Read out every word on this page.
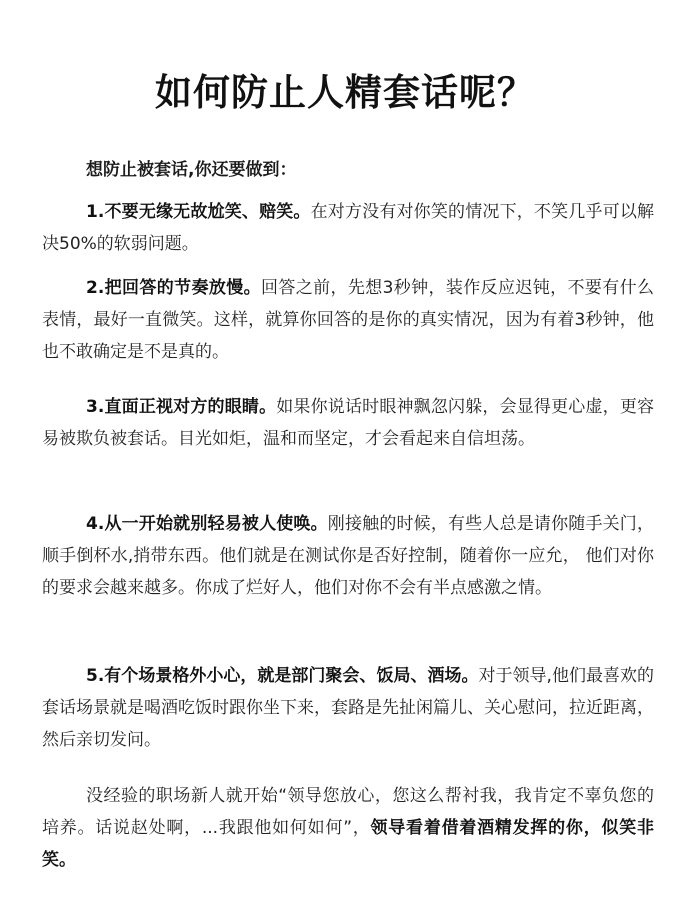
如何防止人精套话呢？
想防止被套话,你还要做到：

1.不要无缘无故尬笑、赔笑。在对方没有对你笑的情况下，不笑几乎可以解决50%的软弱问题。

2.把回答的节奏放慢。回答之前，先想3秒钟，装作反应迟钝，不要有什么表情，最好一直微笑。这样，就算你回答的是你的真实情况，因为有着3秒钟，他也不敢确定是不是真的。

3.直面正视对方的眼睛。如果你说话时眼神飘忽闪躲，会显得更心虚，更容易被欺负被套话。目光如炬，温和而坚定，才会看起来自信坦荡。

4.从一开始就别轻易被人使唤。刚接触的时候，有些人总是请你随手关门，顺手倒杯水,捎带东西。他们就是在测试你是否好控制，随着你一应允， 他们对你的要求会越来越多。你成了烂好人，他们对你不会有半点感激之情。

5.有个场景格外小心，就是部门聚会、饭局、酒场。对于领导,他们最喜欢的套话场景就是喝酒吃饭时跟你坐下来，套路是先扯闲篇儿、关心慰问，拉近距离，然后亲切发问。

没经验的职场新人就开始“领导您放心，您这么帮衬我，我肯定不辜负您的培养。话说赵处啊，...我跟他如何如何”，领导看着借着酒精发挥的你，似笑非笑。
